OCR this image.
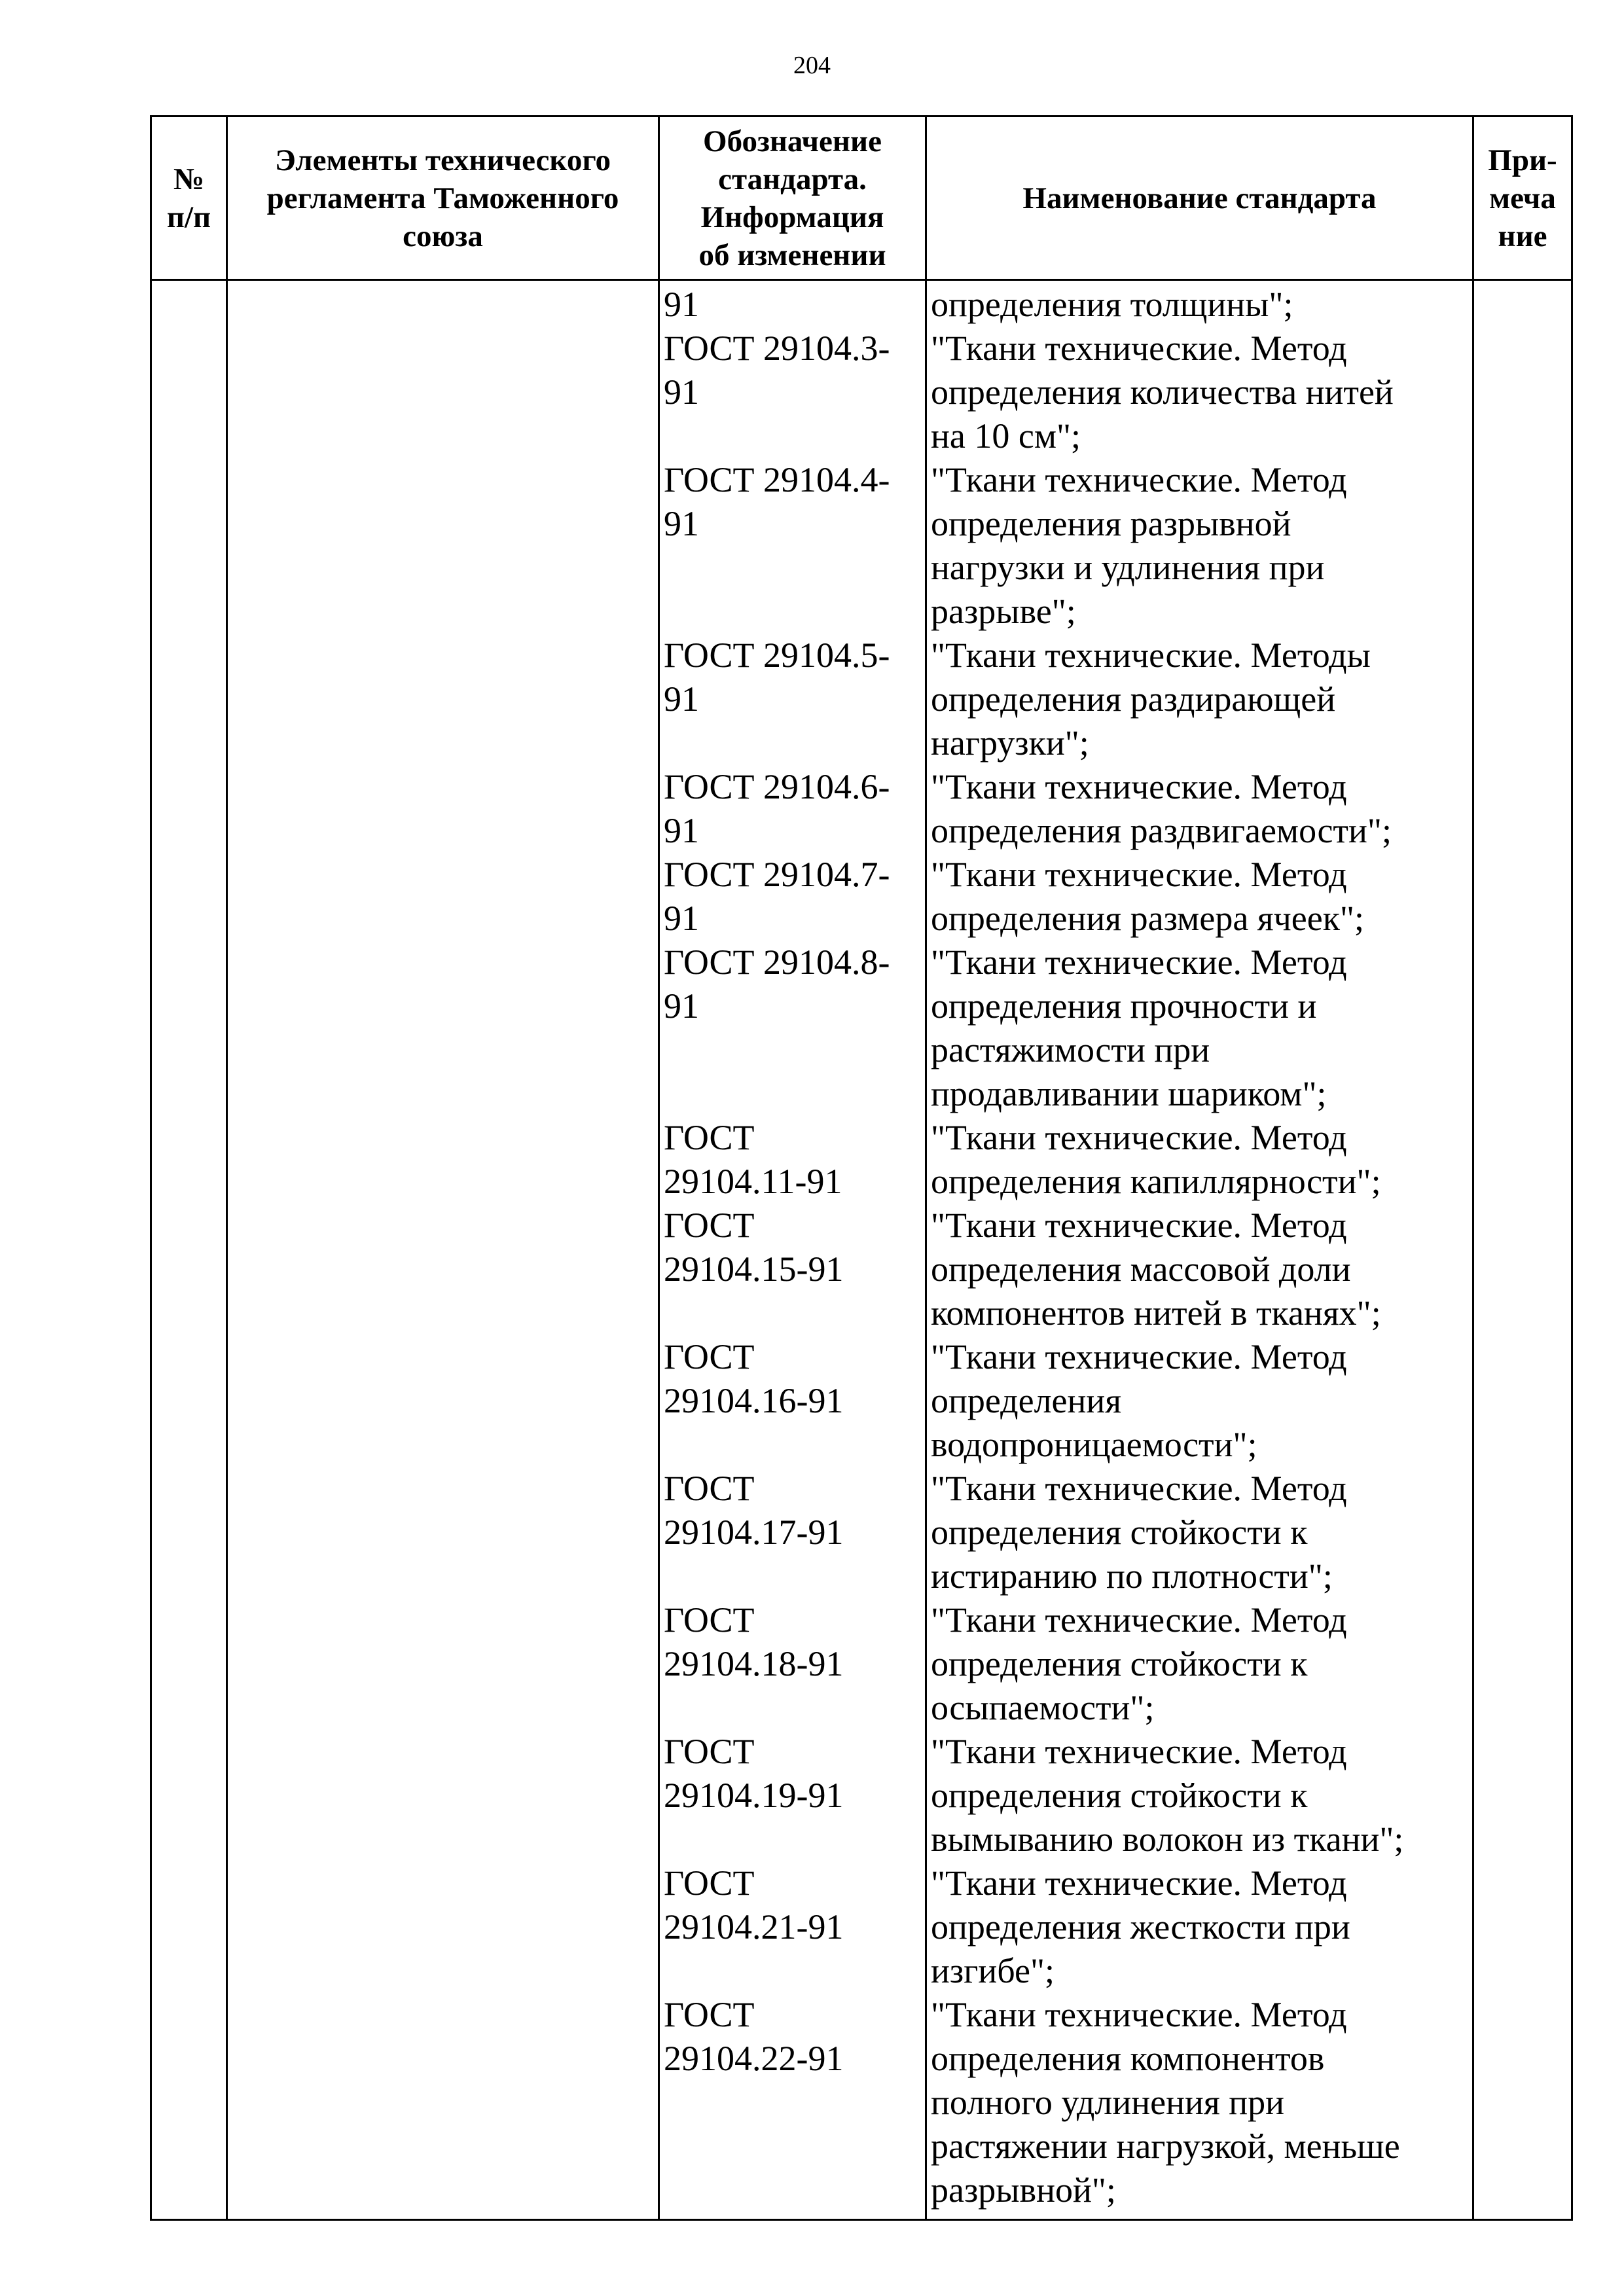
204
№
п/п
Элементы технического
регламента Таможенного
союза
Обозначение
стандарта.
Информация
об изменении
Наименование стандарта
При-
меча
ние
91	определения толщины";
ГОСТ 29104.3-
91
"Ткани технические. Метод
определения количества нитей
на 10 см";
ГОСТ 29104.4-
91
"Ткани технические. Метод
определения разрывной
нагрузки и удлинения при
разрыве";
ГОСТ 29104.5-
91
"Ткани технические. Методы
определения раздирающей
нагрузки";
ГОСТ 29104.6-
91
"Ткани технические. Метод
определения раздвигаемости";
ГОСТ 29104.7-
91
"Ткани технические. Метод
определения размера ячеек";
ГОСТ 29104.8-
91
"Ткани технические. Метод
определения прочности и
растяжимости при
продавливании шариком";
ГОСТ
29104.11-91
"Ткани технические. Метод
определения капиллярности";
ГОСТ
29104.15-91
"Ткани технические. Метод
определения массовой доли
компонентов нитей в тканях";
ГОСТ
29104.16-91
"Ткани технические. Метод
определения
водопроницаемости";
ГОСТ
29104.17-91
"Ткани технические. Метод
определения стойкости к
истиранию по плотности";
ГОСТ
29104.18-91
"Ткани технические. Метод
определения стойкости к
осыпаемости";
ГОСТ
29104.19-91
"Ткани технические. Метод
определения стойкости к
вымыванию волокон из ткани";
ГОСТ
29104.21-91
"Ткани технические. Метод
определения жесткости при
изгибе";
ГОСТ
29104.22-91
"Ткани технические. Метод
определения компонентов
полного удлинения при
растяжении нагрузкой, меньше
разрывной";
